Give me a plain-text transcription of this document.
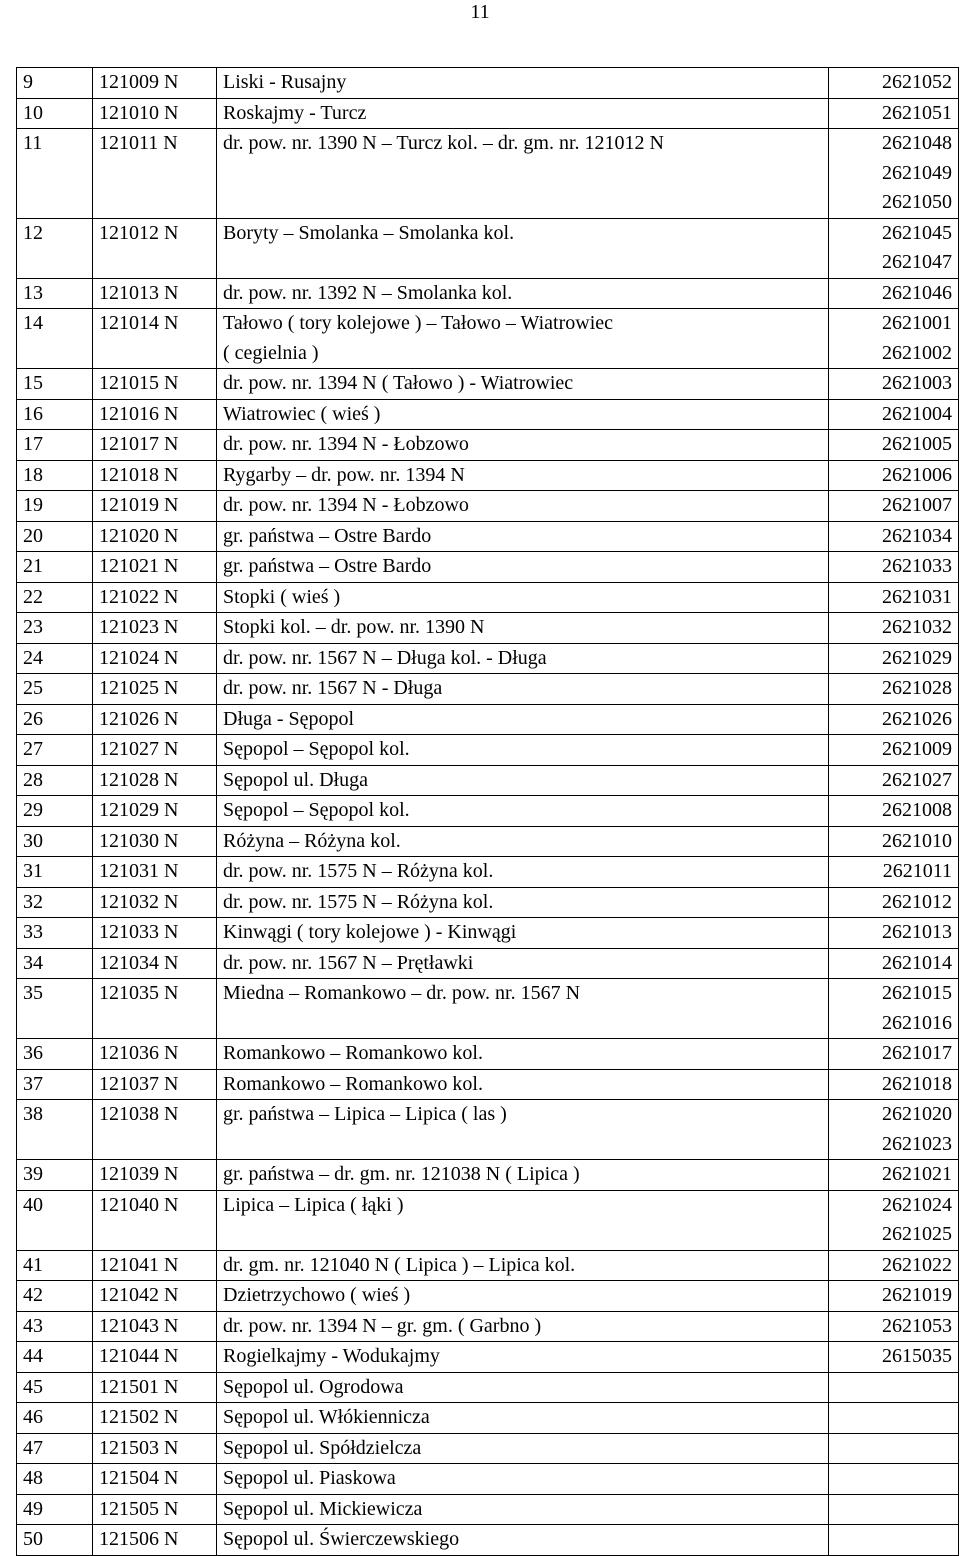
11
9	121009 N	Liski - Rusajny	2621052

10	121010 N	Roskajmy - Turcz	2621051

11	121011 N	dr. pow. nr. 1390 N – Turcz kol. – dr. gm. nr. 121012 N	2621048
2621049
2621050

12	121012 N	Boryty – Smolanka – Smolanka kol.	2621045
2621047

13	121013 N	dr. pow. nr. 1392 N – Smolanka kol.	2621046

14	121014 N	Tałowo ( tory kolejowe ) – Tałowo – Wiatrowiec
( cegielnia )	2621001
2621002

15	121015 N	dr. pow. nr. 1394 N ( Tałowo ) - Wiatrowiec	2621003

16	121016 N	Wiatrowiec ( wieś )	2621004

17	121017 N	dr. pow. nr. 1394 N - Łobzowo	2621005

18	121018 N	Rygarby – dr. pow. nr. 1394 N	2621006

19	121019 N	dr. pow. nr. 1394 N - Łobzowo	2621007

20	121020 N	gr. państwa – Ostre Bardo	2621034

21	121021 N	gr. państwa – Ostre Bardo	2621033

22	121022 N	Stopki ( wieś )	2621031

23	121023 N	Stopki kol. – dr. pow. nr. 1390 N	2621032

24	121024 N	dr. pow. nr. 1567 N – Długa kol. - Długa	2621029

25	121025 N	dr. pow. nr. 1567 N - Długa	2621028

26	121026 N	Długa - Sępopol	2621026

27	121027 N	Sępopol – Sępopol kol.	2621009

28	121028 N	Sępopol ul. Długa	2621027

29	121029 N	Sępopol – Sępopol kol.	2621008

30	121030 N	Różyna – Różyna kol.	2621010

31	121031 N	dr. pow. nr. 1575 N – Różyna kol.	2621011

32	121032 N	dr. pow. nr. 1575 N – Różyna kol.	2621012

33	121033 N	Kinwągi ( tory kolejowe ) - Kinwągi	2621013

34	121034 N	dr. pow. nr. 1567 N – Prętławki	2621014

35	121035 N	Miedna – Romankowo – dr. pow. nr. 1567 N	2621015
2621016

36	121036 N	Romankowo – Romankowo kol.	2621017

37	121037 N	Romankowo – Romankowo kol.	2621018

38	121038 N	gr. państwa – Lipica – Lipica ( las )	2621020
2621023

39	121039 N	gr. państwa – dr. gm. nr. 121038 N ( Lipica )	2621021

40	121040 N	Lipica – Lipica ( łąki )	2621024
2621025

41	121041 N	dr. gm. nr. 121040 N ( Lipica ) – Lipica kol.	2621022

42	121042 N	Dzietrzychowo ( wieś )	2621019

43	121043 N	dr. pow. nr. 1394 N – gr. gm. ( Garbno )	2621053

44	121044 N	Rogielkajmy - Wodukajmy	2615035

45	121501 N	Sępopol ul. Ogrodowa	

46	121502 N	Sępopol ul. Włókiennicza	

47	121503 N	Sępopol ul. Spółdzielcza	

48	121504 N	Sępopol ul. Piaskowa	

49	121505 N	Sępopol ul. Mickiewicza	

50	121506 N	Sępopol ul. Świerczewskiego	
